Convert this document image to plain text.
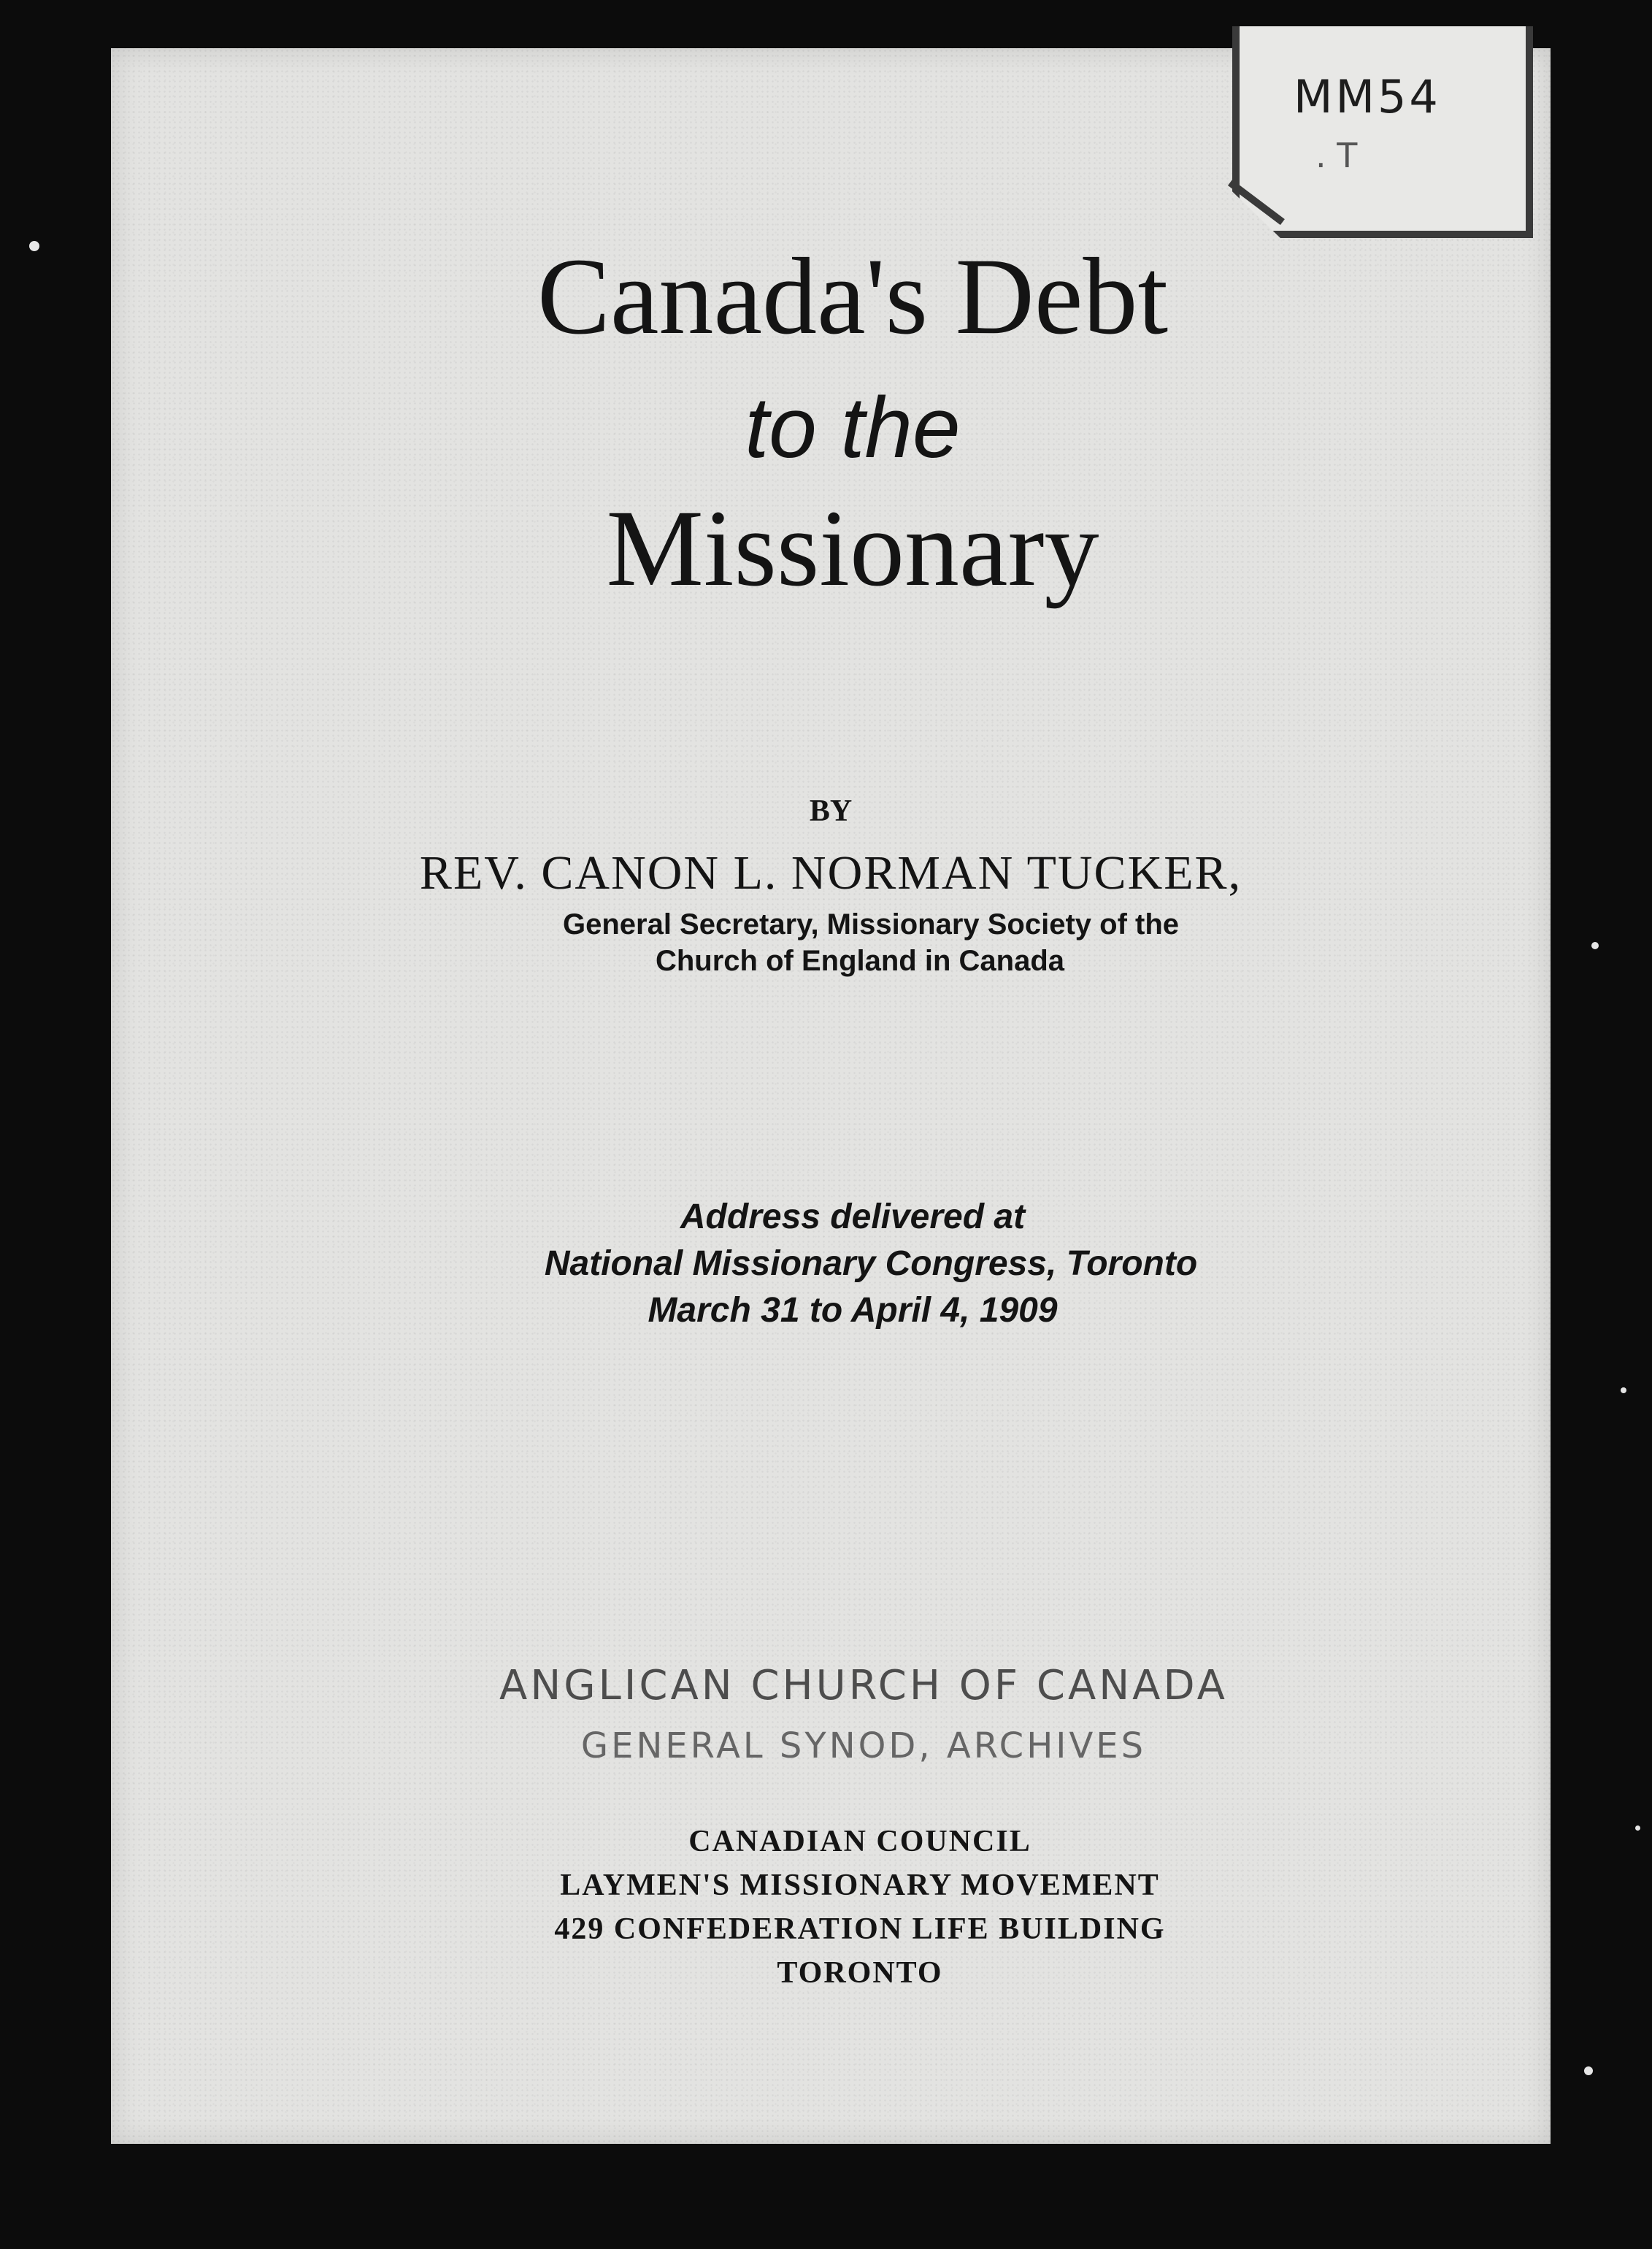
MM54
. T
Canada's Debt
to the
Missionary
BY
REV. CANON L. NORMAN TUCKER,
General Secretary, Missionary Society of the
Church of England in Canada
Address delivered at
National Missionary Congress, Toronto
March 31 to April 4, 1909
ANGLICAN CHURCH OF CANADA
GENERAL SYNOD, ARCHIVES
CANADIAN COUNCIL
LAYMEN'S MISSIONARY MOVEMENT
429 CONFEDERATION LIFE BUILDING
TORONTO
